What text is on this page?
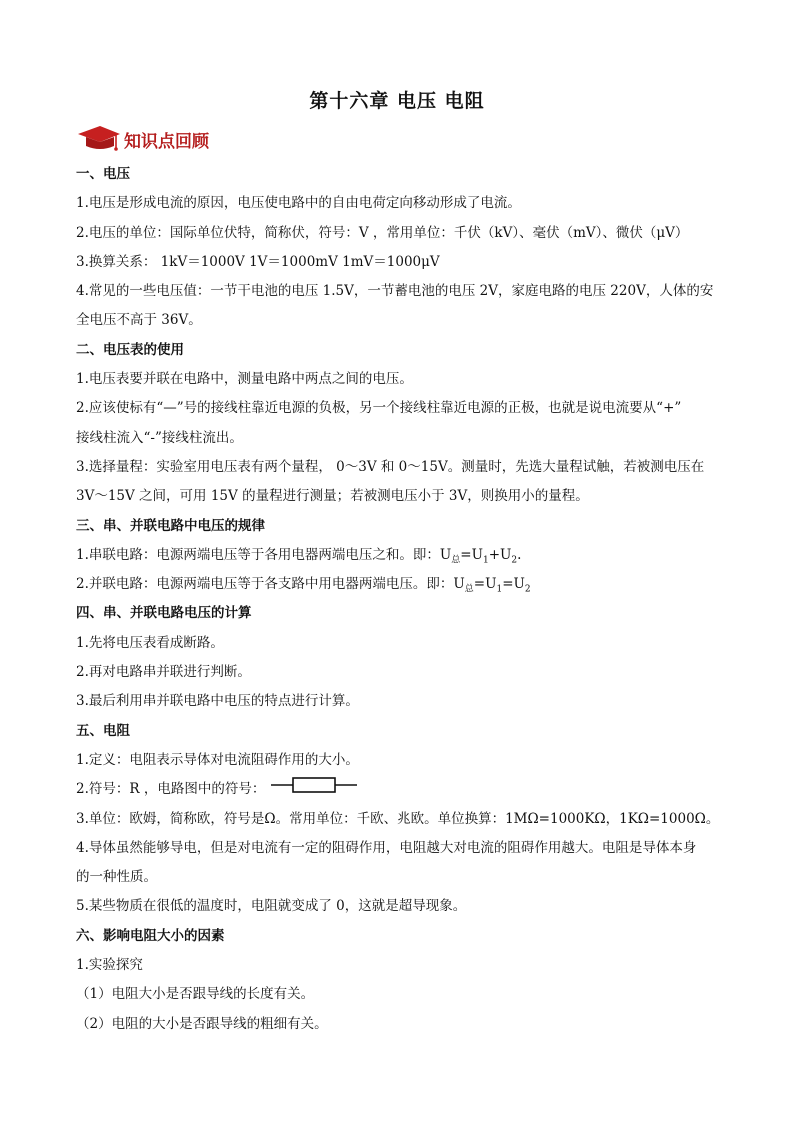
第十六章 电压 电阻
知识点回顾
一、电压
1.电压是形成电流的原因，电压使电路中的自由电荷定向移动形成了电流。
2.电压的单位：国际单位伏特，简称伏，符号：V ，常用单位：千伏（kV）、毫伏（mV）、微伏（μV）
3.换算关系： 1kV＝1000V 1V＝1000mV 1mV＝1000μV
4.常见的一些电压值：一节干电池的电压 1.5V，一节蓄电池的电压 2V，家庭电路的电压 220V，人体的安
全电压不高于 36V。
二、电压表的使用
1.电压表要并联在电路中，测量电路中两点之间的电压。
2.应该使标有“—”号的接线柱靠近电源的负极，另一个接线柱靠近电源的正极，也就是说电流要从“+”
接线柱流入“-”接线柱流出。
3.选择量程：实验室用电压表有两个量程， 0～3V 和 0～15V。测量时，先选大量程试触，若被测电压在
3V～15V 之间，可用 15V 的量程进行测量；若被测电压小于 3V，则换用小的量程。
三、串、并联电路中电压的规律
1.串联电路：电源两端电压等于各用电器两端电压之和。即：$U_总=U_1+U_2$.
2.并联电路：电源两端电压等于各支路中用电器两端电压。即：$U_总=U_1=U_2$
四、串、并联电路电压的计算
1.先将电压表看成断路。
2.再对电路串并联进行判断。
3.最后利用串并联电路中电压的特点进行计算。
五、电阻
1.定义：电阻表示导体对电流阻碍作用的大小。
2.符号：R ，电路图中的符号：
3.单位：欧姆，简称欧，符号是Ω。常用单位：千欧、兆欧。单位换算：1MΩ=1000KΩ，1KΩ=1000Ω。
4.导体虽然能够导电，但是对电流有一定的阻碍作用，电阻越大对电流的阻碍作用越大。电阻是导体本身
的一种性质。
5.某些物质在很低的温度时，电阻就变成了 0，这就是超导现象。
六、影响电阻大小的因素
1.实验探究
（1）电阻大小是否跟导线的长度有关。
（2）电阻的大小是否跟导线的粗细有关。
